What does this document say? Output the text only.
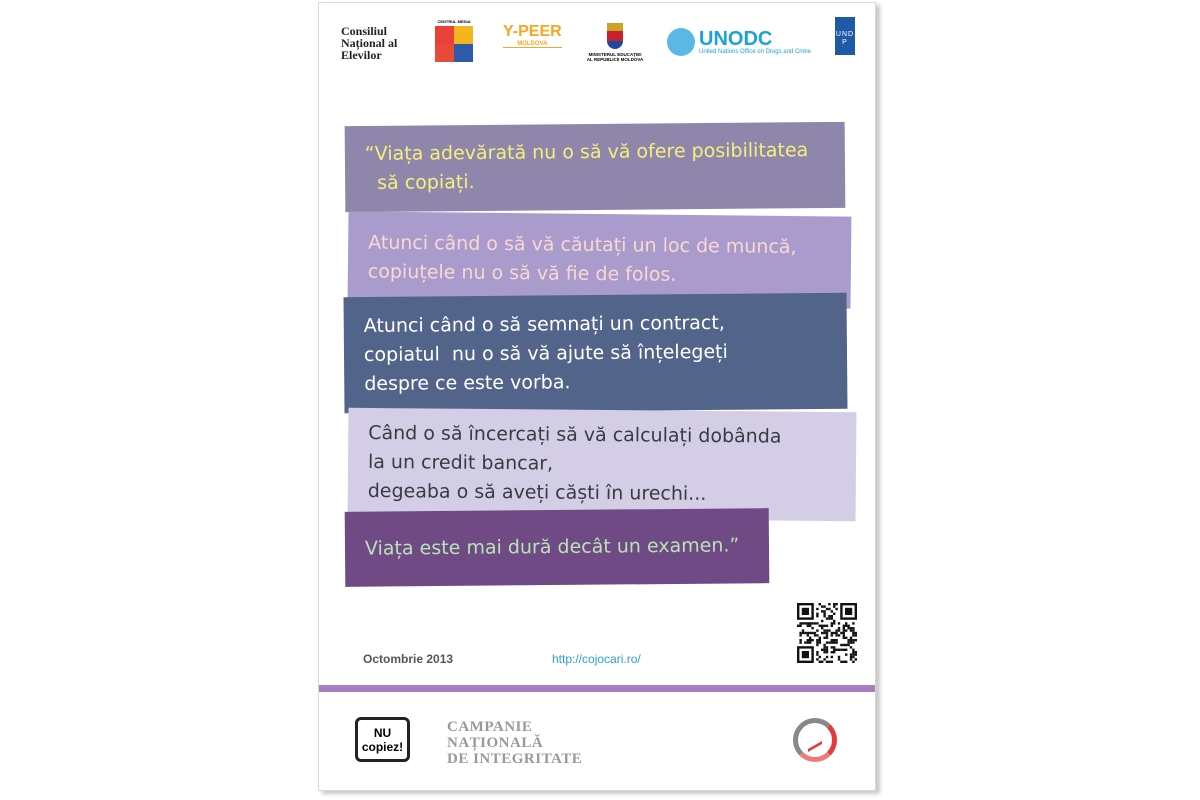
Consiliul
Național al
Elevilor
CENTRUL MEDIA
Y-PEER
MOLDOVA
MINISTERUL EDUCAȚIEI
AL REPUBLICII MOLDOVA
UNODC
United Nations Office on Drugs and Crime
UNDP
“Viața adevărată nu o să vă ofere posibilitatea
să copiați.
Atunci când o să vă căutați un loc de muncă,
copiuțele nu o să vă fie de folos.
Atunci când o să semnați un contract,
copiatul  nu o să vă ajute să înțelegeți
despre ce este vorba.
Când o să încercați să vă calculați dobânda
la un credit bancar,
degeaba o să aveți căști în urechi...
Viața este mai dură decât un examen.”
Octombrie 2013	http://cojocari.ro/
NU
copiez!
CAMPANIE
NAȚIONALĂ
DE INTEGRITATE
